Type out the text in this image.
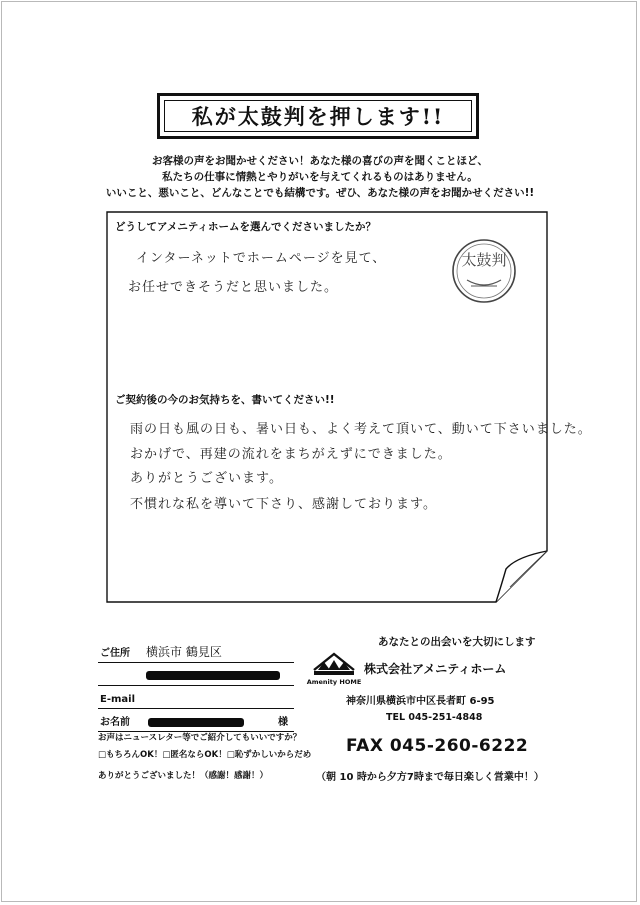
私が太鼓判を押します!!
お客様の声をお聞かせください！あなた様の喜びの声を聞くことほど、
私たちの仕事に情熱とやりがいを与えてくれるものはありません。
いいこと、悪いこと、どんなことでも結構です。ぜひ、あなた様の声をお聞かせください!!
どうしてアメニティホームを選んでくださいましたか？
インターネットでホームページを見て、
お任せできそうだと思いました。
太鼓判
ご契約後の今のお気持ちを、書いてください!!
雨の日も風の日も、暑い日も、よく考えて頂いて、動いて下さいました。
おかげで、再建の流れをまちがえずにできました。
ありがとうございます。
不慣れな私を導いて下さり、感謝しております。
ご住所 横浜市 鶴見区
E-mail
お名前	様
お声はニュースレター等でご紹介してもいいですか？
□もちろんOK！□匿名ならOK！□恥ずかしいからだめ
ありがとうございました！（感謝！感謝！）
あなたとの出会いを大切にします
Amenity HOME
株式会社アメニティホーム
神奈川県横浜市中区長者町 6-95
TEL 045-251-4848
FAX 045-260-6222
（朝 10 時から夕方7時まで毎日楽しく営業中！）
